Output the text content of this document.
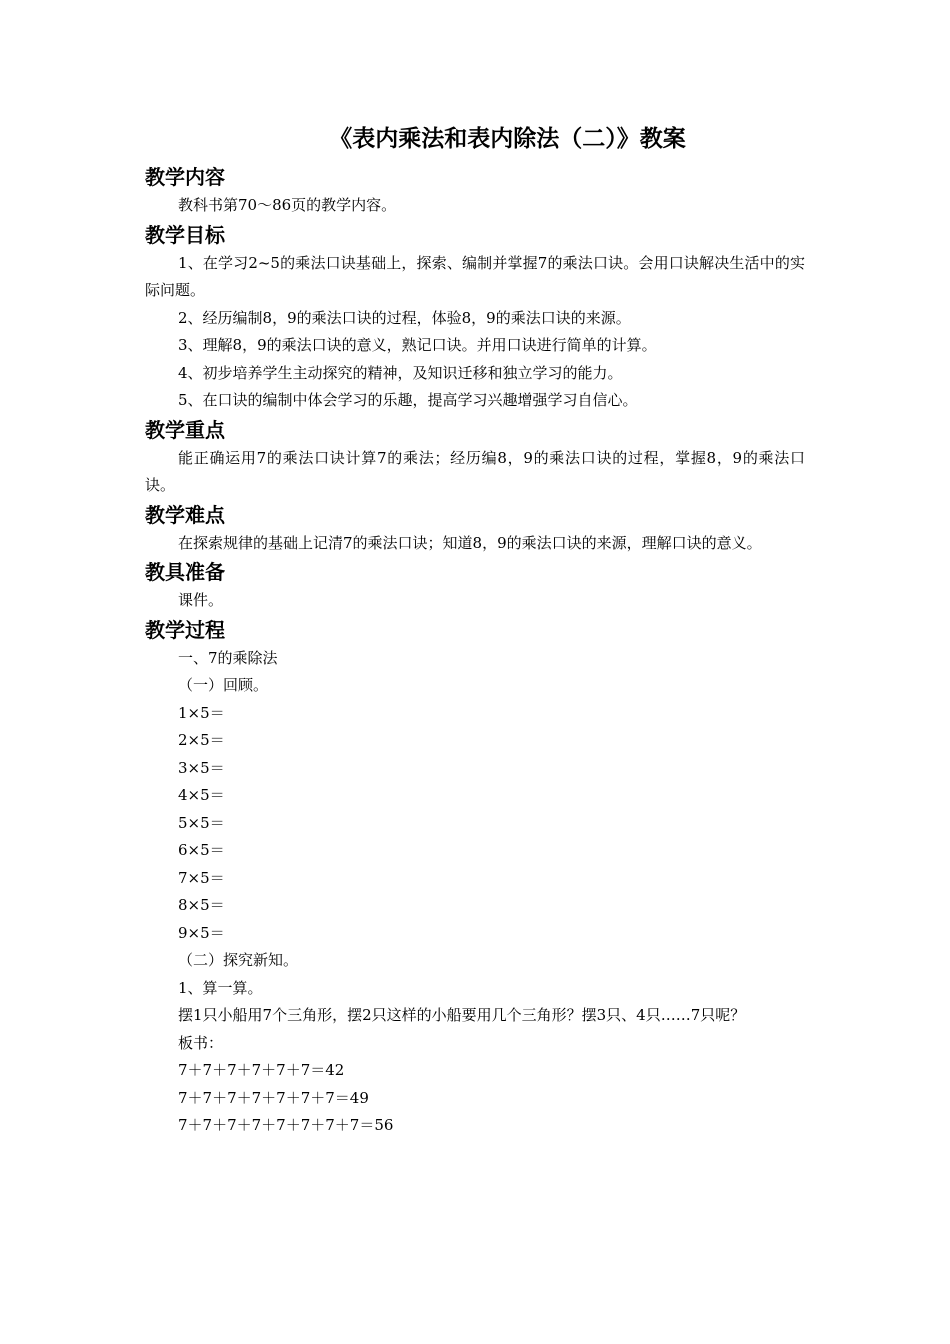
《表内乘法和表内除法（二）》教案
教学内容

教科书第70～86页的教学内容。

教学目标

1、在学习2~5的乘法口诀基础上，探索、编制并掌握7的乘法口诀。会用口诀解决生活中的实际问题。

2、经历编制8，9的乘法口诀的过程，体验8，9的乘法口诀的来源。

3、理解8，9的乘法口诀的意义，熟记口诀。并用口诀进行简单的计算。

4、初步培养学生主动探究的精神，及知识迁移和独立学习的能力。

5、在口诀的编制中体会学习的乐趣，提高学习兴趣增强学习自信心。

教学重点

能正确运用7的乘法口诀计算7的乘法；经历编8，9的乘法口诀的过程，掌握8，9的乘法口诀。

教学难点

在探索规律的基础上记清7的乘法口诀；知道8，9的乘法口诀的来源，理解口诀的意义。

教具准备

课件。

教学过程

一、7的乘除法

（一）回顾。

1×5＝

2×5＝

3×5＝

4×5＝

5×5＝

6×5＝

7×5＝

8×5＝

9×5＝

（二）探究新知。

1、算一算。

摆1只小船用7个三角形，摆2只这样的小船要用几个三角形？摆3只、4只……7只呢？

板书：

7＋7＋7＋7＋7＋7＝42

7＋7＋7＋7＋7＋7＋7＝49

7＋7＋7＋7＋7＋7＋7＋7＝56
